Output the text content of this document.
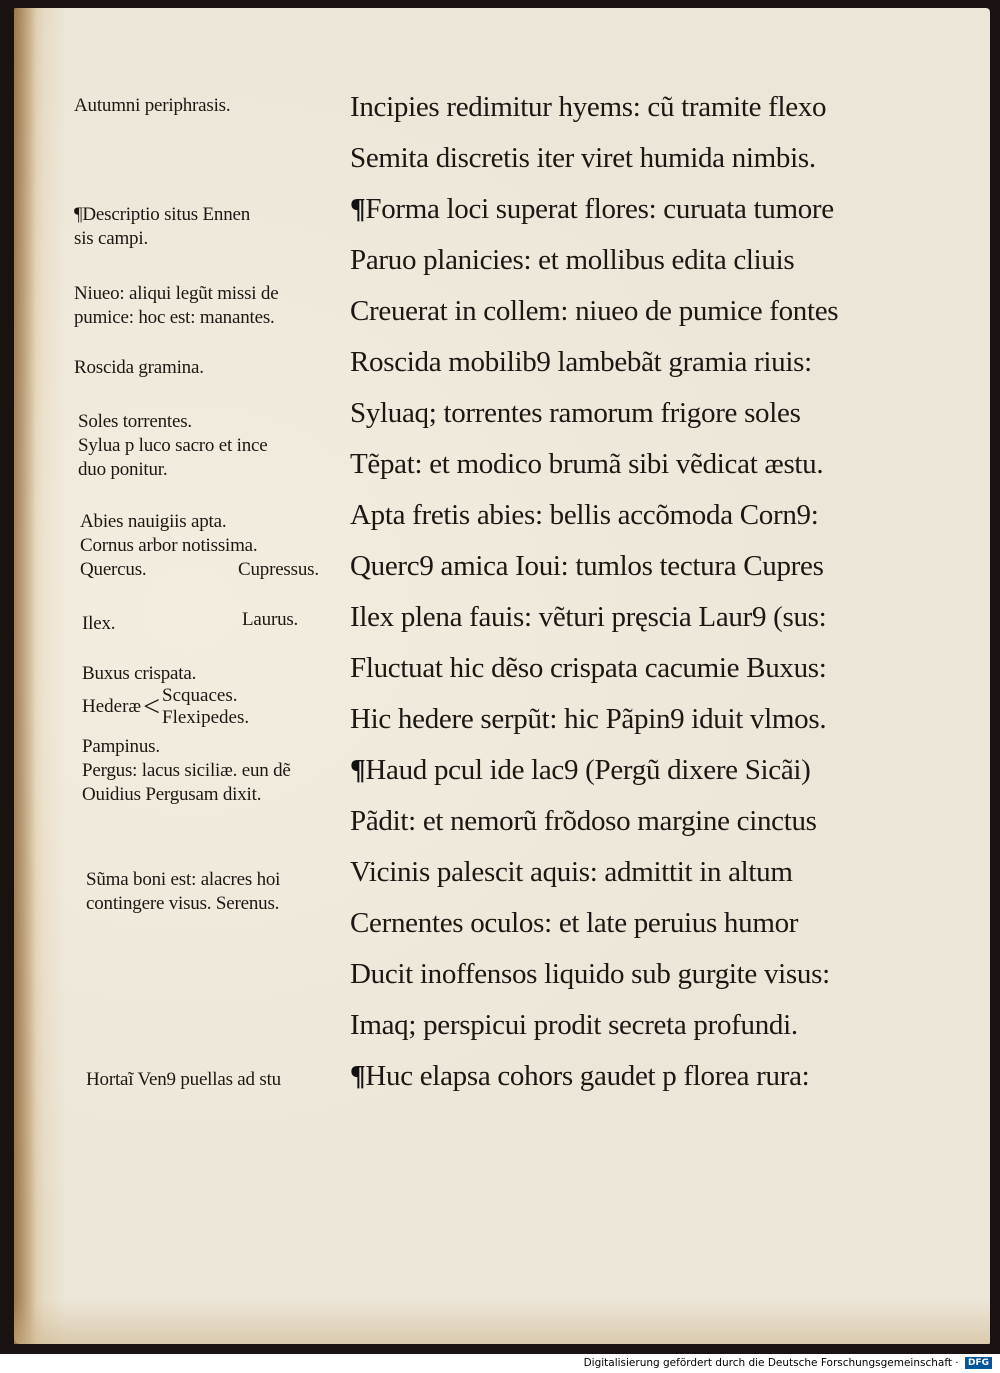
Incipies redimitur hyems: cũ tramite flexo
Semita discretis iter viret humida nimbis.
¶Forma loci superat flores: curuata tumore
Paruo planicies: et mollibus edita cliuis
Creuerat in collem: niueo de pumice fontes
Roscida mobilib9 lambebãt gramia riuis:
Syluaq; torrentes ramorum frigore soles
Tẽpat: et modico brumã sibi vẽdicat æstu.
Apta fretis abies: bellis accõmoda Corn9:
Querc9 amica Ioui: tumlos tectura Cupres
Ilex plena fauis: vẽturi pręscia Laur9 (sus:
Fluctuat hic dẽso crispata cacumie Buxus:
Hic hedere serpũt: hic Pãpin9 iduit vlmos.
¶Haud pcul ide lac9 (Pergũ dixere Sicãi)
Pãdit: et nemorũ frõdoso margine cinctus
Vicinis palescit aquis: admittit in altum
Cernentes oculos: et late peruius humor
Ducit inoffensos liquido sub gurgite visus:
Imaq; perspicui prodit secreta profundi.
¶Huc elapsa cohors gaudet p florea rura:
Autumni periphrasis.
¶Descriptio situs Ennen
sis campi.
Niueo: aliqui legũt missi de
pumice: hoc est: manantes.
Roscida gramina.
Soles torrentes.
Sylua p luco sacro et ince
duo ponitur.
Abies nauigiis apta.
Cornus arbor notissima.
Quercus.	Cupressus.
Ilex.	Laurus.
Buxus crispata.
Hederæ < Scquaces.
Flexipedes.
Pampinus.
Pergus: lacus siciliæ. eun dẽ
Ouidius Pergusam dixit.
Sũma boni est: alacres hoi
contingere visus. Serenus.
Hortaĩ Ven9 puellas ad stu
Digitalisierung gefördert durch die Deutsche Forschungsgemeinschaft · DFG
